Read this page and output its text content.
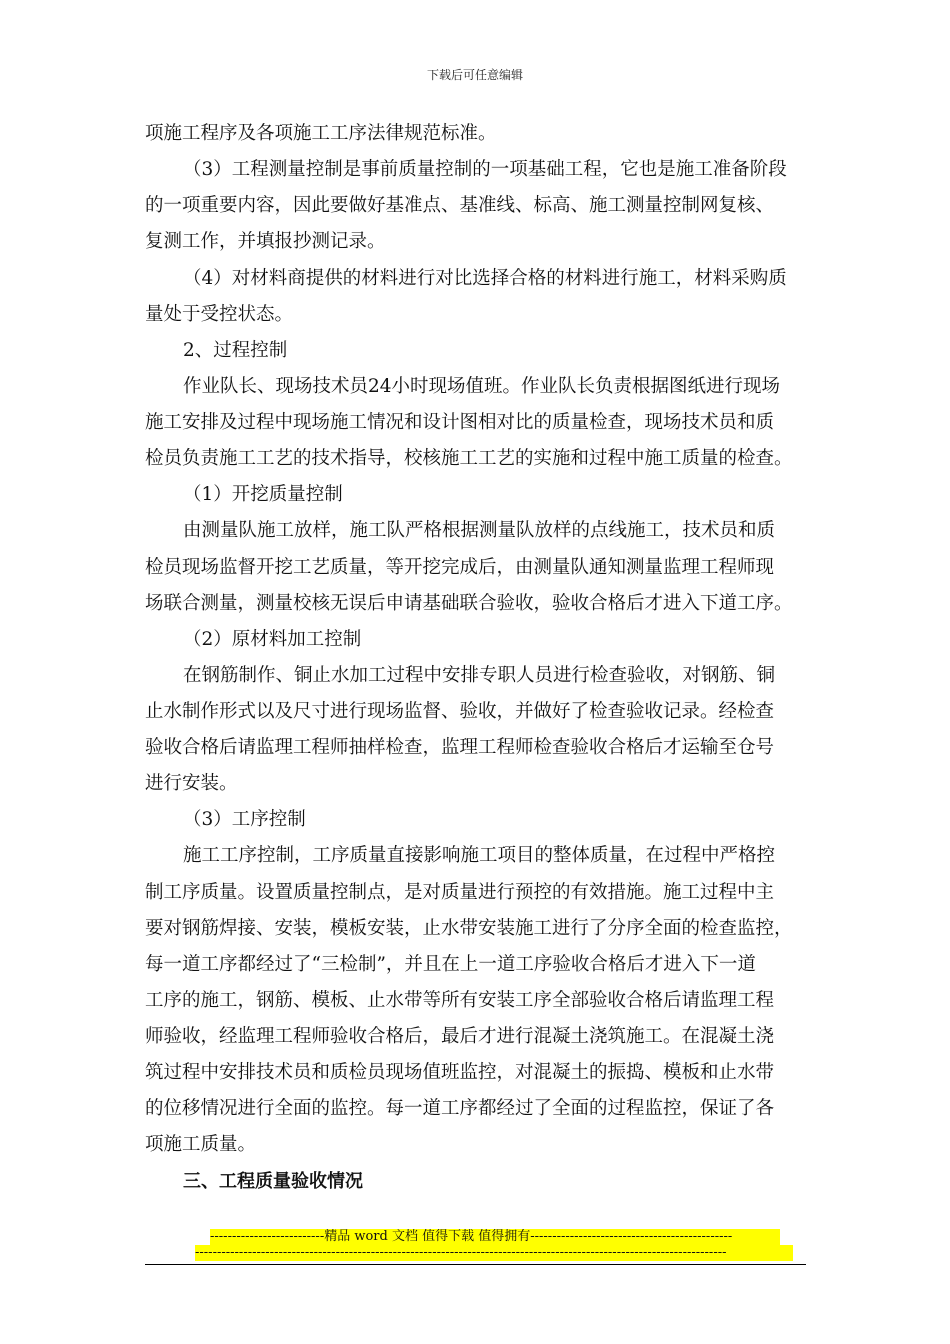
下载后可任意编辑
项施工程序及各项施工工序法律规范标准。
（3）工程测量控制是事前质量控制的一项基础工程，它也是施工准备阶段
的一项重要内容，因此要做好基准点、基准线、标高、施工测量控制网复核、
复测工作，并填报抄测记录。
（4）对材料商提供的材料进行对比选择合格的材料进行施工，材料采购质
量处于受控状态。
2、过程控制
作业队长、现场技术员24小时现场值班。作业队长负责根据图纸进行现场
施工安排及过程中现场施工情况和设计图相对比的质量检查，现场技术员和质
检员负责施工工艺的技术指导，校核施工工艺的实施和过程中施工质量的检查。
（1）开挖质量控制
由测量队施工放样，施工队严格根据测量队放样的点线施工，技术员和质
检员现场监督开挖工艺质量，等开挖完成后，由测量队通知测量监理工程师现
场联合测量，测量校核无误后申请基础联合验收，验收合格后才进入下道工序。
（2）原材料加工控制
在钢筋制作、铜止水加工过程中安排专职人员进行检查验收，对钢筋、铜
止水制作形式以及尺寸进行现场监督、验收，并做好了检查验收记录。经检查
验收合格后请监理工程师抽样检查，监理工程师检查验收合格后才运输至仓号
进行安装。
（3）工序控制
施工工序控制，工序质量直接影响施工项目的整体质量，在过程中严格控
制工序质量。设置质量控制点，是对质量进行预控的有效措施。施工过程中主
要对钢筋焊接、安装，模板安装，止水带安装施工进行了分序全面的检查监控，
每一道工序都经过了“三检制”，并且在上一道工序验收合格后才进入下一道
工序的施工，钢筋、模板、止水带等所有安装工序全部验收合格后请监理工程
师验收，经监理工程师验收合格后，最后才进行混凝土浇筑施工。在混凝土浇
筑过程中安排技术员和质检员现场值班监控，对混凝土的振捣、模板和止水带
的位移情况进行全面的监控。每一道工序都经过了全面的过程监控，保证了各
项施工质量。
三、工程质量验收情况
--------------------------精品 word 文档 值得下载 值得拥有----------------------------------------------
-------------------------------------------------------------------------------------------------------------------------
